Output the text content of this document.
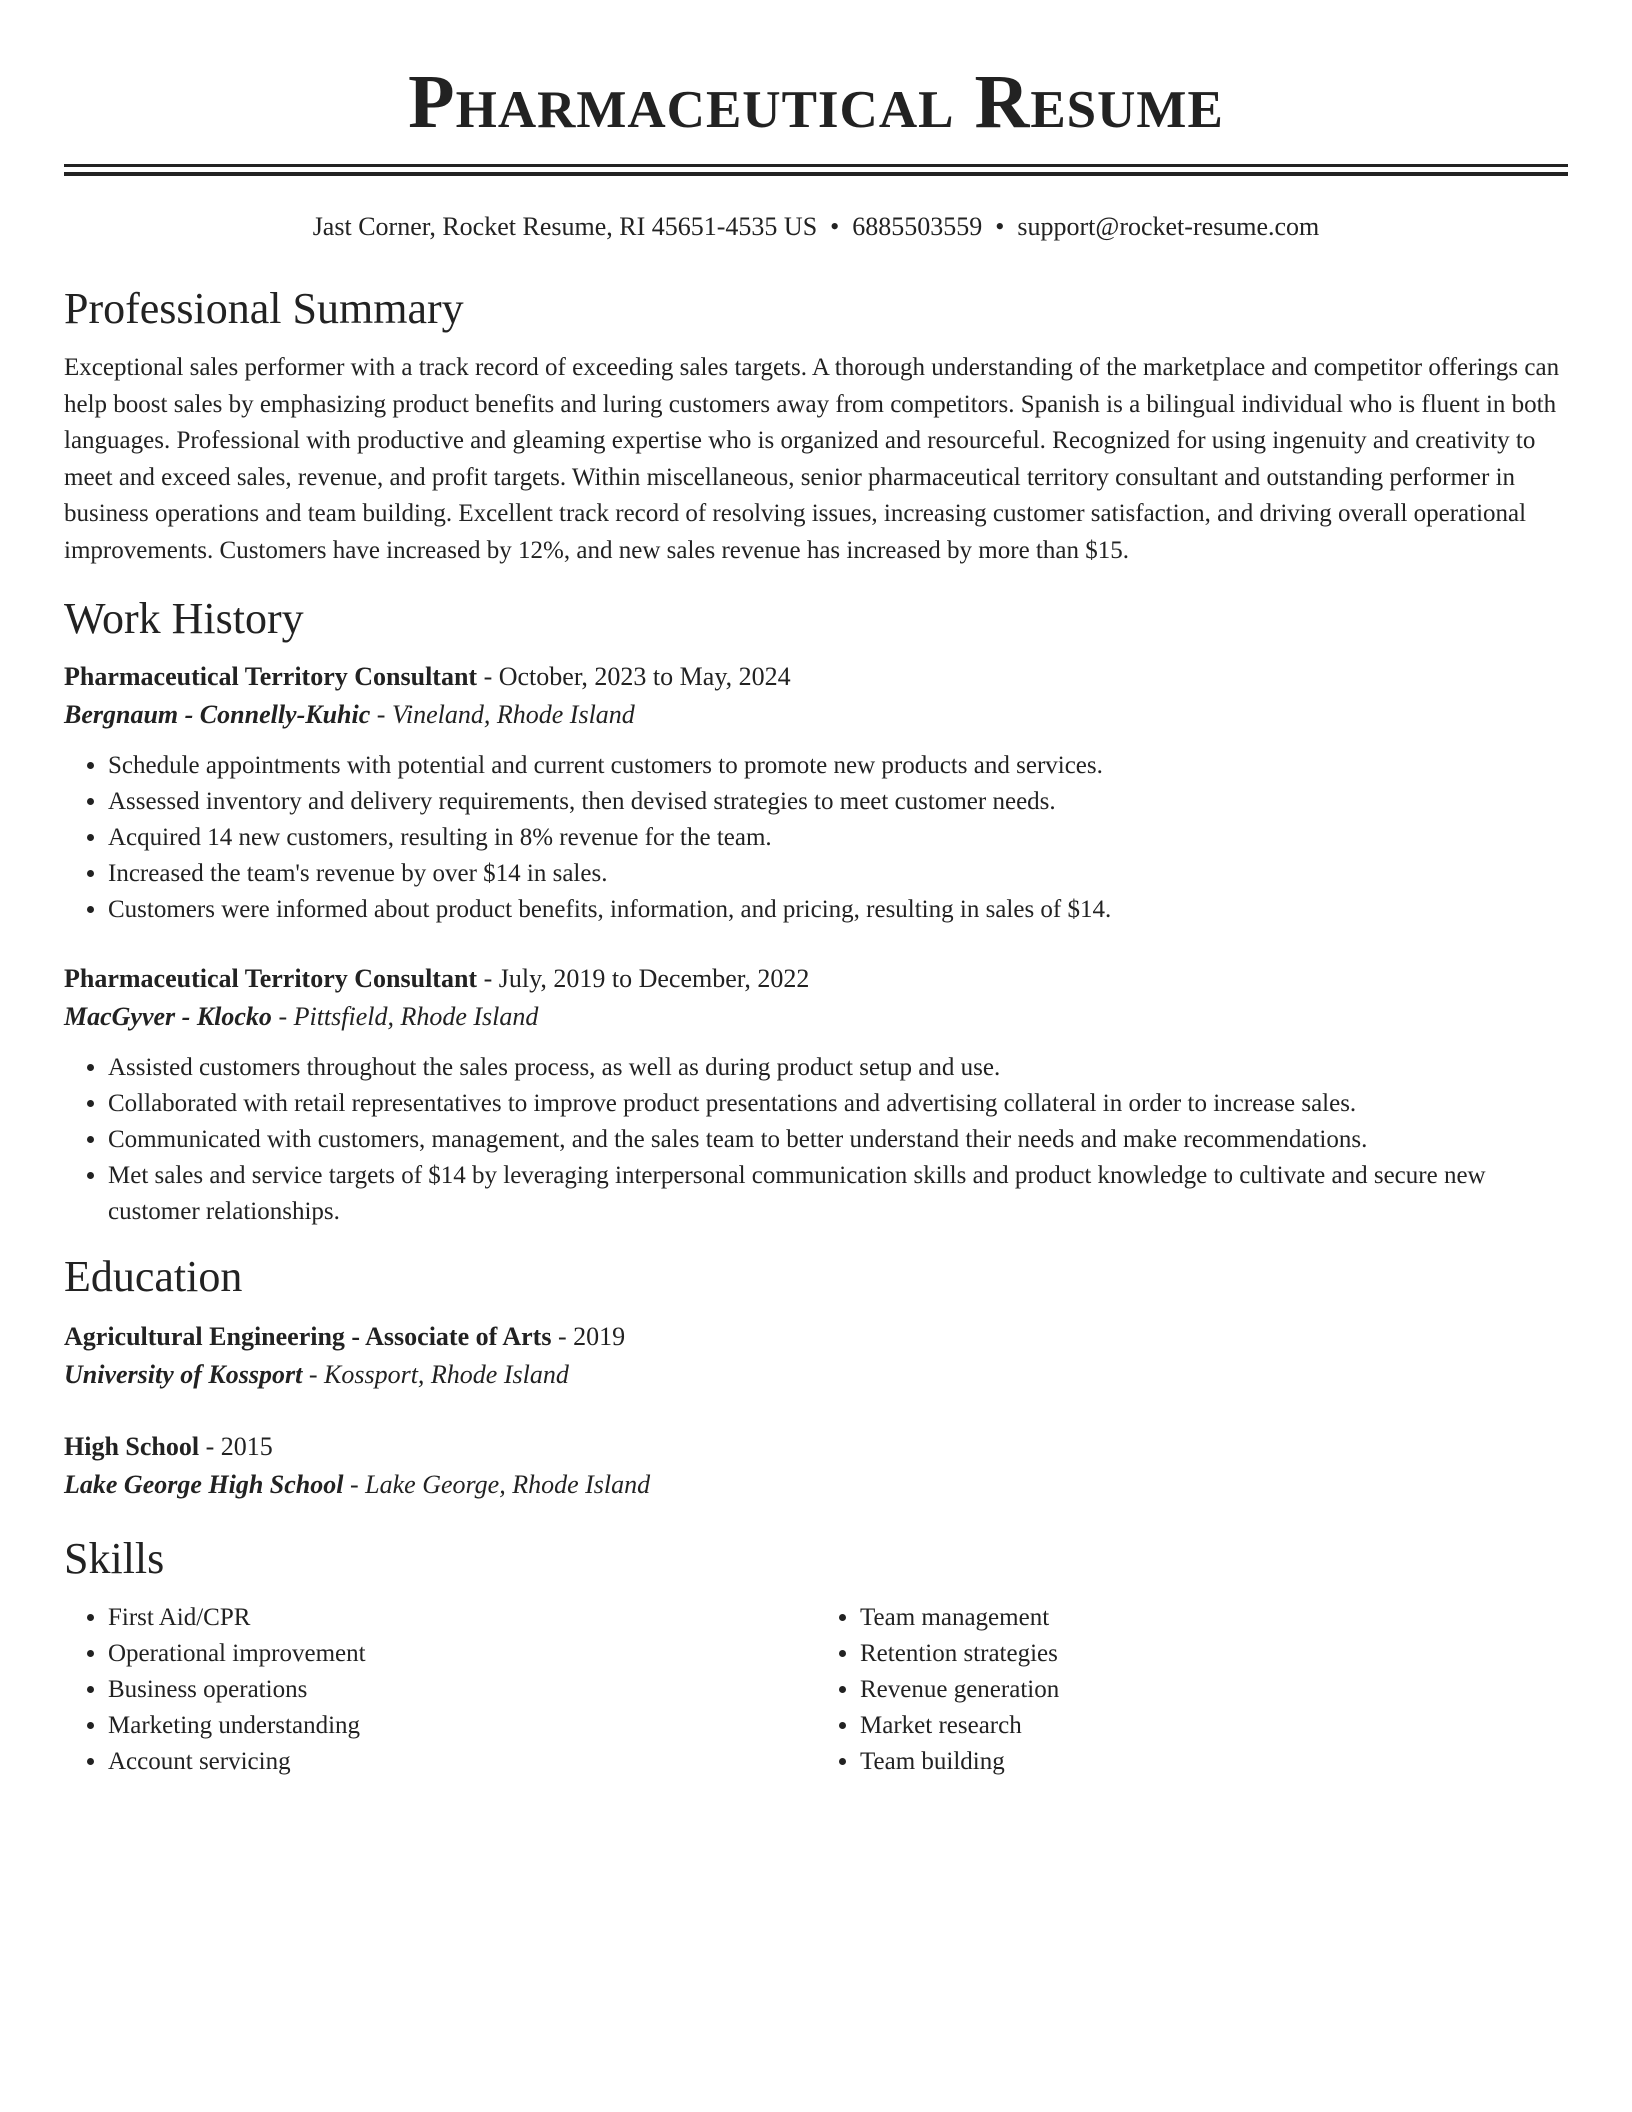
Pharmaceutical Resume
Jast Corner, Rocket Resume, RI 45651-4535 US • 6885503559 • support@rocket-resume.com
Professional Summary

Exceptional sales performer with a track record of exceeding sales targets. A thorough understanding of the marketplace and competitor offerings can help boost sales by emphasizing product benefits and luring customers away from competitors. Spanish is a bilingual individual who is fluent in both languages. Professional with productive and gleaming expertise who is organized and resourceful. Recognized for using ingenuity and creativity to meet and exceed sales, revenue, and profit targets. Within miscellaneous, senior pharmaceutical territory consultant and outstanding performer in business operations and team building. Excellent track record of resolving issues, increasing customer satisfaction, and driving overall operational improvements. Customers have increased by 12%, and new sales revenue has increased by more than $15.

Work History
Pharmaceutical Territory Consultant - October, 2023 to May, 2024
Bergnaum - Connelly-Kuhic - Vineland, Rhode Island
• Schedule appointments with potential and current customers to promote new products and services.
• Assessed inventory and delivery requirements, then devised strategies to meet customer needs.
• Acquired 14 new customers, resulting in 8% revenue for the team.
• Increased the team's revenue by over $14 in sales.
• Customers were informed about product benefits, information, and pricing, resulting in sales of $14.
Pharmaceutical Territory Consultant - July, 2019 to December, 2022
MacGyver - Klocko - Pittsfield, Rhode Island
• Assisted customers throughout the sales process, as well as during product setup and use.
• Collaborated with retail representatives to improve product presentations and advertising collateral in order to increase sales.
• Communicated with customers, management, and the sales team to better understand their needs and make recommendations.
• Met sales and service targets of $14 by leveraging interpersonal communication skills and product knowledge to cultivate and secure new customer relationships.
Education
Agricultural Engineering - Associate of Arts - 2019
University of Kossport - Kossport, Rhode Island
High School - 2015
Lake George High School - Lake George, Rhode Island
Skills
• First Aid/CPR
• Operational improvement
• Business operations
• Marketing understanding
• Account servicing
• Team management
• Retention strategies
• Revenue generation
• Market research
• Team building
